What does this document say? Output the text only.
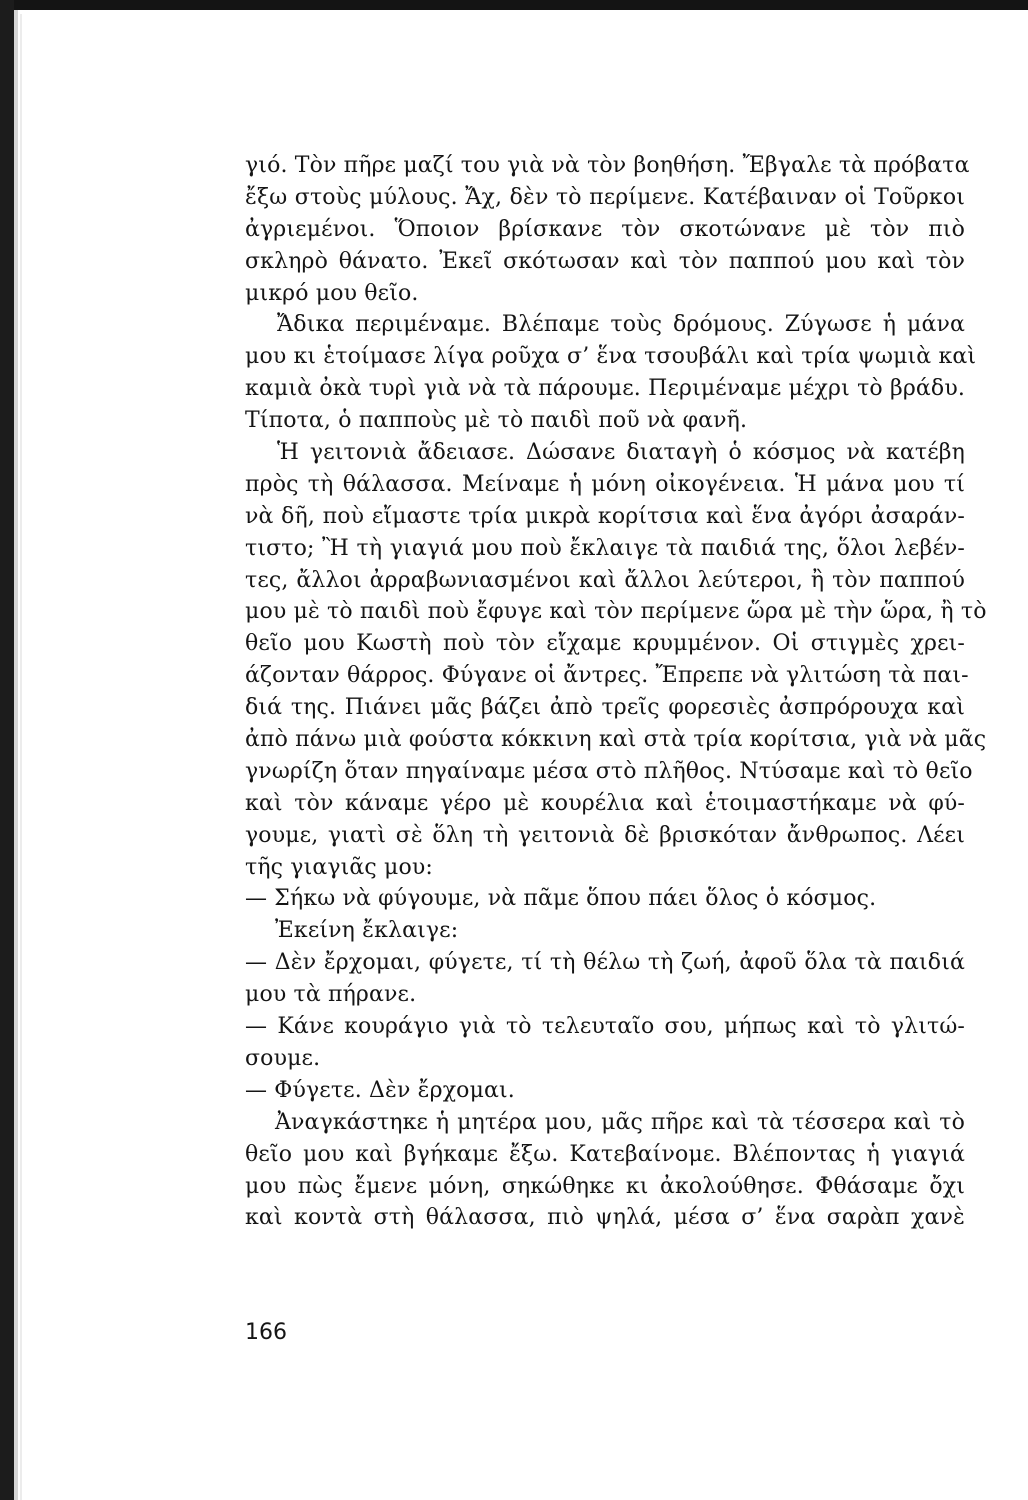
γιό. Τὸν πῆρε μαζί του γιὰ νὰ τὸν βοηθήση. Ἔβγαλε τὰ πρόβατα
ἔξω στοὺς μύλους. Ἄχ, δὲν τὸ περίμενε. Κατέβαιναν οἱ Τοῦρκοι
ἀγριεμένοι. Ὅποιον βρίσκανε τὸν σκοτώνανε μὲ τὸν πιὸ
σκληρὸ θάνατο. Ἐκεῖ σκότωσαν καὶ τὸν παππού μου καὶ τὸν
μικρό μου θεῖο.
Ἄδικα περιμέναμε. Βλέπαμε τοὺς δρόμους. Ζύγωσε ἡ μάνα
μου κι ἑτοίμασε λίγα ροῦχα σ’ ἕνα τσουβάλι καὶ τρία ψωμιὰ καὶ
καμιὰ ὀκὰ τυρὶ γιὰ νὰ τὰ πάρουμε. Περιμέναμε μέχρι τὸ βράδυ.
Τίποτα, ὁ παπποὺς μὲ τὸ παιδὶ ποῦ νὰ φανῆ.
Ἡ γειτονιὰ ἄδειασε. Δώσανε διαταγὴ ὁ κόσμος νὰ κατέβη
πρὸς τὴ θάλασσα. Μείναμε ἡ μόνη οἰκογένεια. Ἡ μάνα μου τί
νὰ δῆ, ποὺ εἴμαστε τρία μικρὰ κορίτσια καὶ ἕνα ἀγόρι ἀσαράν-
τιστο; Ἢ τὴ γιαγιά μου ποὺ ἔκλαιγε τὰ παιδιά της, ὅλοι λεβέν-
τες, ἄλλοι ἀρραβωνιασμένοι καὶ ἄλλοι λεύτεροι, ἢ τὸν παππού
μου μὲ τὸ παιδὶ ποὺ ἔφυγε καὶ τὸν περίμενε ὥρα μὲ τὴν ὥρα, ἢ τὸ
θεῖο μου Κωστὴ ποὺ τὸν εἴχαμε κρυμμένον. Οἱ στιγμὲς χρει-
άζονταν θάρρος. Φύγανε οἱ ἄντρες. Ἔπρεπε νὰ γλιτώση τὰ παι-
διά της. Πιάνει μᾶς βάζει ἀπὸ τρεῖς φορεσιὲς ἀσπρόρουχα καὶ
ἀπὸ πάνω μιὰ φούστα κόκκινη καὶ στὰ τρία κορίτσια, γιὰ νὰ μᾶς
γνωρίζη ὅταν πηγαίναμε μέσα στὸ πλῆθος. Ντύσαμε καὶ τὸ θεῖο
καὶ τὸν κάναμε γέρο μὲ κουρέλια καὶ ἑτοιμαστήκαμε νὰ φύ-
γουμε, γιατὶ σὲ ὅλη τὴ γειτονιὰ δὲ βρισκόταν ἄνθρωπος. Λέει
τῆς γιαγιᾶς μου:
— Σήκω νὰ φύγουμε, νὰ πᾶμε ὅπου πάει ὅλος ὁ κόσμος.
Ἐκείνη ἔκλαιγε:
— Δὲν ἔρχομαι, φύγετε, τί τὴ θέλω τὴ ζωή, ἀφοῦ ὅλα τὰ παιδιά
μου τὰ πήρανε.
— Κάνε κουράγιο γιὰ τὸ τελευταῖο σου, μήπως καὶ τὸ γλιτώ-
σουμε.
— Φύγετε. Δὲν ἔρχομαι.
Ἀναγκάστηκε ἡ μητέρα μου, μᾶς πῆρε καὶ τὰ τέσσερα καὶ τὸ
θεῖο μου καὶ βγήκαμε ἔξω. Κατεβαίνομε. Βλέποντας ἡ γιαγιά
μου πὼς ἔμενε μόνη, σηκώθηκε κι ἀκολούθησε. Φθάσαμε ὄχι
καὶ κοντὰ στὴ θάλασσα, πιὸ ψηλά, μέσα σ’ ἕνα σαρὰπ χανὲ
166
